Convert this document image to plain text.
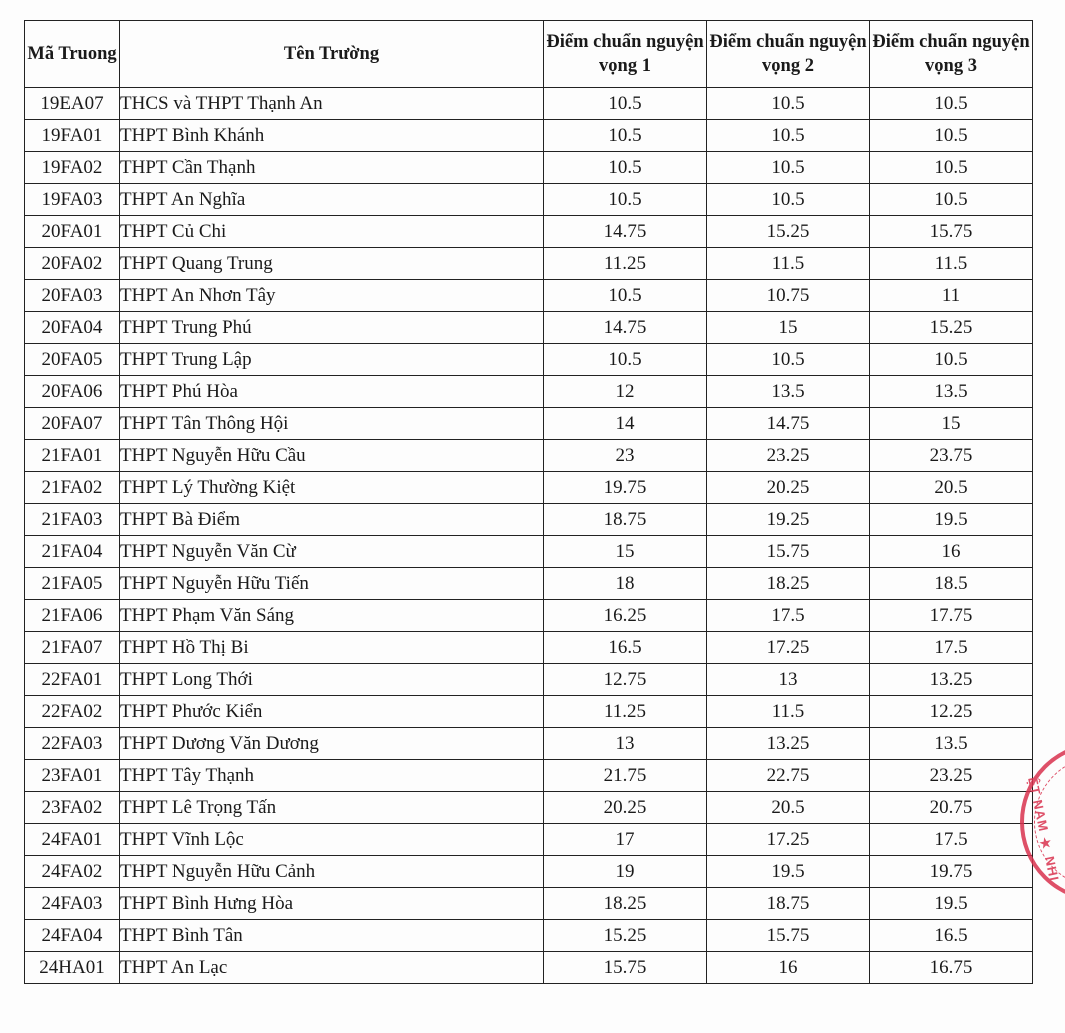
Mã Truong	Tên Trường	Điểm chuẩn nguyện vọng 1	Điểm chuẩn nguyện vọng 2	Điểm chuẩn nguyện vọng 3
19EA07	THCS và THPT Thạnh An	10.5	10.5	10.5
19FA01	THPT Bình Khánh	10.5	10.5	10.5
19FA02	THPT Cần Thạnh	10.5	10.5	10.5
19FA03	THPT An Nghĩa	10.5	10.5	10.5
20FA01	THPT Củ Chi	14.75	15.25	15.75
20FA02	THPT Quang Trung	11.25	11.5	11.5
20FA03	THPT An Nhơn Tây	10.5	10.75	11
20FA04	THPT Trung Phú	14.75	15	15.25
20FA05	THPT Trung Lập	10.5	10.5	10.5
20FA06	THPT Phú Hòa	12	13.5	13.5
20FA07	THPT Tân Thông Hội	14	14.75	15
21FA01	THPT Nguyễn Hữu Cầu	23	23.25	23.75
21FA02	THPT Lý Thường Kiệt	19.75	20.25	20.5
21FA03	THPT Bà Điểm	18.75	19.25	19.5
21FA04	THPT Nguyễn Văn Cừ	15	15.75	16
21FA05	THPT Nguyễn Hữu Tiến	18	18.25	18.5
21FA06	THPT Phạm Văn Sáng	16.25	17.5	17.75
21FA07	THPT Hồ Thị Bi	16.5	17.25	17.5
22FA01	THPT Long Thới	12.75	13	13.25
22FA02	THPT Phước Kiển	11.25	11.5	12.25
22FA03	THPT Dương Văn Dương	13	13.25	13.5
23FA01	THPT Tây Thạnh	21.75	22.75	23.25
23FA02	THPT Lê Trọng Tấn	20.25	20.5	20.75
24FA01	THPT Vĩnh Lộc	17	17.25	17.5
24FA02	THPT Nguyễn Hữu Cảnh	19	19.5	19.75
24FA03	THPT Bình Hưng Hòa	18.25	18.75	19.5
24FA04	THPT Bình Tân	15.25	15.75	16.5
24HA01	THPT An Lạc	15.75	16	16.75
ỆT NAM ★ NHI
